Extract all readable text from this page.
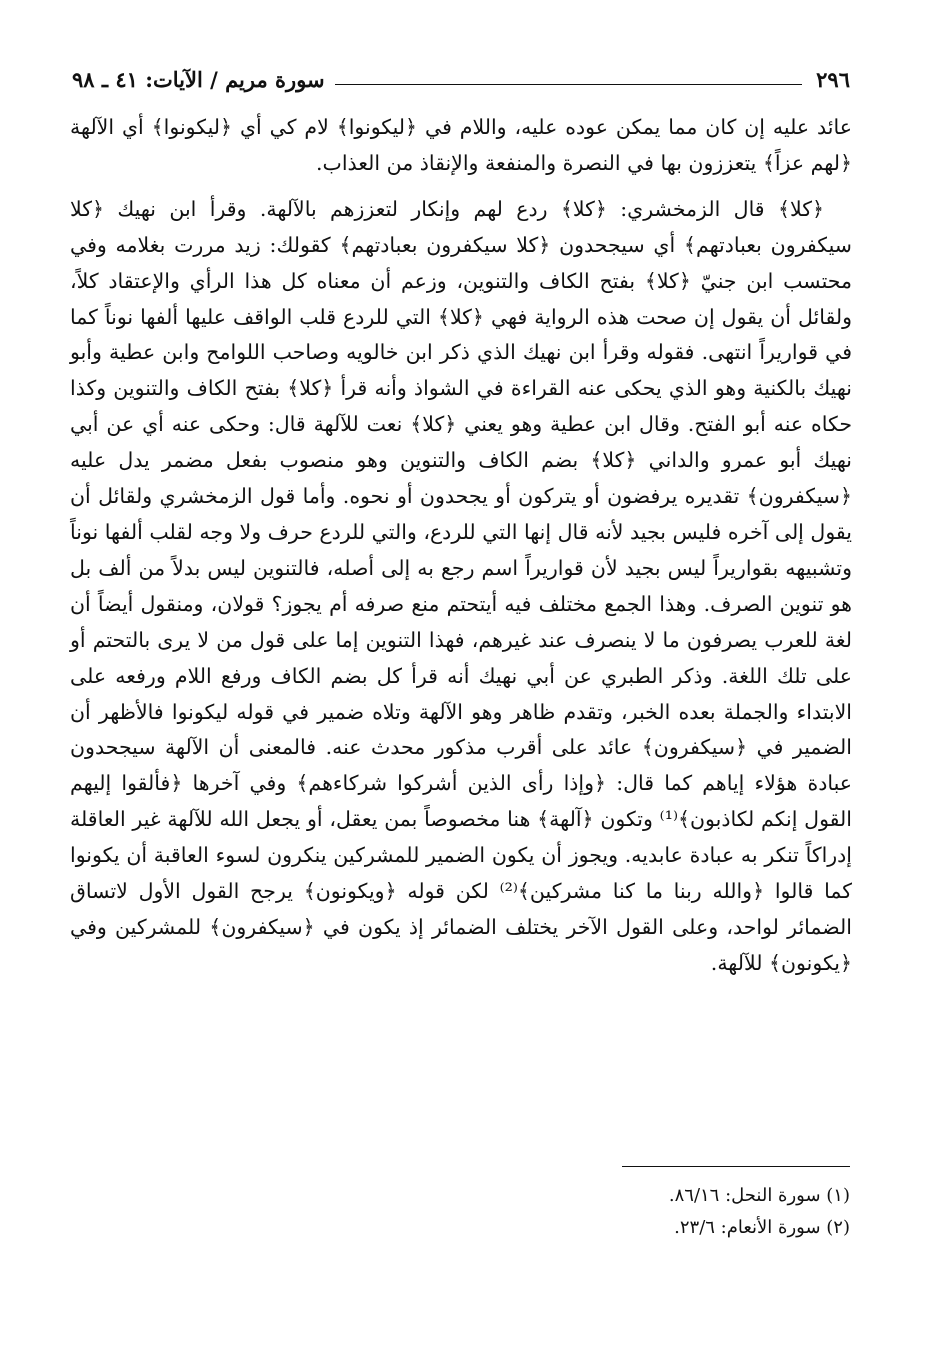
٢٩٦
سورة مريم / الآيات: ٤١ ـ ٩٨

عائد عليه إن كان مما يمكن عوده عليه، واللام في ﴿ليكونوا﴾ لام كي أي ﴿ليكونوا﴾ أي الآلهة ﴿لهم عزاً﴾ يتعززون بها في النصرة والمنفعة والإنقاذ من العذاب.

﴿كلا﴾ قال الزمخشري: ﴿كلا﴾ ردع لهم وإنكار لتعززهم بالآلهة. وقرأ ابن نهيك ﴿كلا سيكفرون بعبادتهم﴾ أي سيجحدون ﴿كلا سيكفرون بعبادتهم﴾ كقولك: زيد مررت بغلامه وفي محتسب ابن جنيّ ﴿كلا﴾ بفتح الكاف والتنوين، وزعم أن معناه كل هذا الرأي والإعتقاد كلاً، ولقائل أن يقول إن صحت هذه الرواية فهي ﴿كلا﴾ التي للردع قلب الواقف عليها ألفها نوناً كما في قواريراً انتهى. فقوله وقرأ ابن نهيك الذي ذكر ابن خالويه وصاحب اللوامح وابن عطية وأبو نهيك بالكنية وهو الذي يحكى عنه القراءة في الشواذ وأنه قرأ ﴿كلا﴾ بفتح الكاف والتنوين وكذا حكاه عنه أبو الفتح. وقال ابن عطية وهو يعني ﴿كلا﴾ نعت للآلهة قال: وحكى عنه أي عن أبي نهيك أبو عمرو والداني ﴿كلا﴾ بضم الكاف والتنوين وهو منصوب بفعل مضمر يدل عليه ﴿سيكفرون﴾ تقديره يرفضون أو يتركون أو يجحدون أو نحوه. وأما قول الزمخشري ولقائل أن يقول إلى آخره فليس بجيد لأنه قال إنها التي للردع، والتي للردع حرف ولا وجه لقلب ألفها نوناً وتشبيهه بقواريراً ليس بجيد لأن قواريراً اسم رجع به إلى أصله، فالتنوين ليس بدلاً من ألف بل هو تنوين الصرف. وهذا الجمع مختلف فيه أيتحتم منع صرفه أم يجوز؟ قولان، ومنقول أيضاً أن لغة للعرب يصرفون ما لا ينصرف عند غيرهم، فهذا التنوين إما على قول من لا يرى بالتحتم أو على تلك اللغة. وذكر الطبري عن أبي نهيك أنه قرأ كل بضم الكاف ورفع اللام ورفعه على الابتداء والجملة بعده الخبر، وتقدم ظاهر وهو الآلهة وتلاه ضمير في قوله ليكونوا فالأظهر أن الضمير في ﴿سيكفرون﴾ عائد على أقرب مذكور محدث عنه. فالمعنى أن الآلهة سيجحدون عبادة هؤلاء إياهم كما قال: ﴿وإذا رأى الذين أشركوا شركاءهم﴾ وفي آخرها ﴿فألقوا إليهم القول إنكم لكاذبون﴾⁽¹⁾ وتكون ﴿آلهة﴾ هنا مخصوصاً بمن يعقل، أو يجعل الله للآلهة غير العاقلة إدراكاً تنكر به عبادة عابديه. ويجوز أن يكون الضمير للمشركين ينكرون لسوء العاقبة أن يكونوا كما قالوا ﴿والله ربنا ما كنا مشركين﴾⁽²⁾ لكن قوله ﴿ويكونون﴾ يرجح القول الأول لاتساق الضمائر لواحد، وعلى القول الآخر يختلف الضمائر إذ يكون في ﴿سيكفرون﴾ للمشركين وفي ﴿يكونون﴾ للآلهة.

(١) سورة النحل: ٨٦/١٦.
(٢) سورة الأنعام: ٢٣/٦.
